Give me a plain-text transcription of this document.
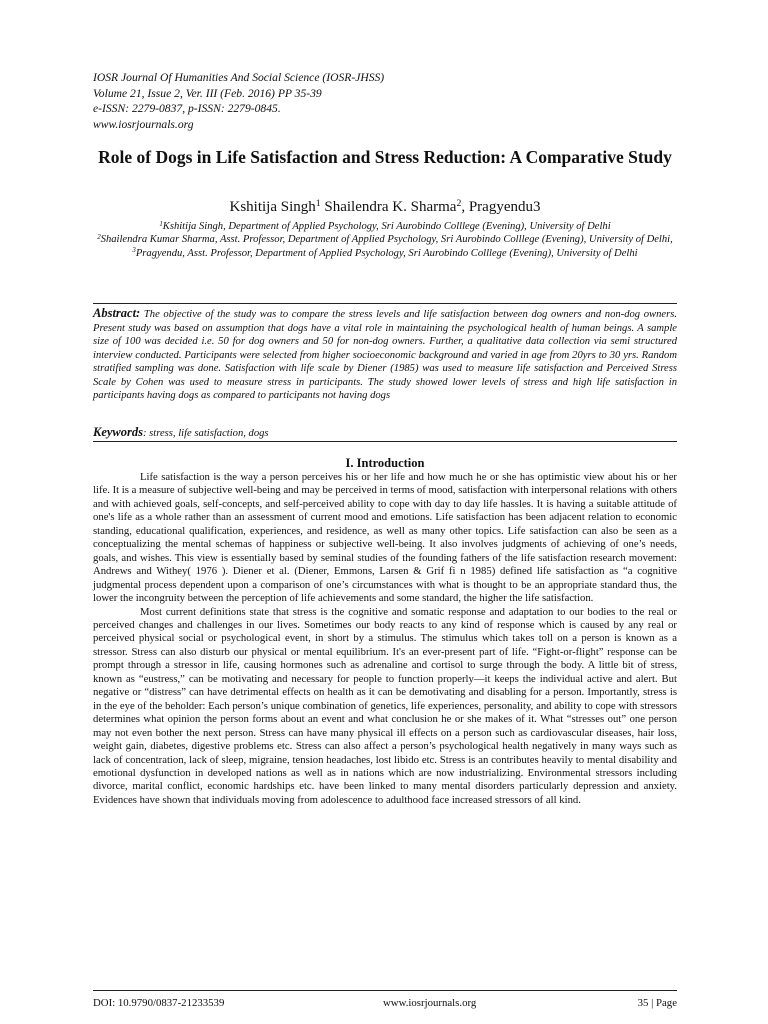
IOSR Journal Of Humanities And Social Science (IOSR-JHSS)
Volume 21, Issue 2, Ver. III (Feb. 2016) PP 35-39
e-ISSN: 2279-0837, p-ISSN: 2279-0845.
www.iosrjournals.org
Role of Dogs in Life Satisfaction and Stress Reduction: A Comparative Study
Kshitija Singh$^1$ Shailendra K. Sharma$^2$, Pragyendu3
$^1$Kshitija Singh, Department of Applied Psychology, Sri Aurobindo Colllege (Evening), University of Delhi
$^2$Shailendra Kumar Sharma, Asst. Professor, Department of Applied Psychology, Sri Aurobindo Colllege (Evening), University of Delhi,
$^3$Pragyendu, Asst. Professor, Department of Applied Psychology, Sri Aurobindo Colllege (Evening), University of Delhi
Abstract: The objective of the study was to compare the stress levels and life satisfaction between dog owners and non-dog owners. Present study was based on assumption that dogs have a vital role in maintaining the psychological health of human beings. A sample size of 100 was decided i.e. 50 for dog owners and 50 for non-dog owners. Further, a qualitative data collection via semi structured interview conducted. Participants were selected from higher socioeconomic background and varied in age from 20yrs to 30 yrs. Random stratified sampling was done. Satisfaction with life scale by Diener (1985) was used to measure life satisfaction and Perceived Stress Scale by Cohen was used to measure stress in participants. The study showed lower levels of stress and high life satisfaction in participants having dogs as compared to participants not having dogs
Keywords: stress, life satisfaction, dogs
I. Introduction

Life satisfaction is the way a person perceives his or her life and how much he or she has optimistic view about his or her life. It is a measure of subjective well-being and may be perceived in terms of mood, satisfaction with interpersonal relations with others and with achieved goals, self-concepts, and self-perceived ability to cope with day to day life hassles. It is having a suitable attitude of one's life as a whole rather than an assessment of current mood and emotions. Life satisfaction has been adjacent relation to economic standing, educational qualification, experiences, and residence, as well as many other topics. Life satisfaction can also be seen as a conceptualizing the mental schemas of happiness or subjective well-being. It also involves judgments of achieving of one’s needs, goals, and wishes. This view is essentially based by seminal studies of the founding fathers of the life satisfaction research movement: Andrews and Withey( 1976 ). Diener et al. (Diener, Emmons, Larsen & Grif fi n 1985) defined life satisfaction as “a cognitive judgmental process dependent upon a comparison of one’s circumstances with what is thought to be an appropriate standard thus, the lower the incongruity between the perception of life achievements and some standard, the higher the life satisfaction.

Most current definitions state that stress is the cognitive and somatic response and adaptation to our bodies to the real or perceived changes and challenges in our lives. Sometimes our body reacts to any kind of response which is caused by any real or perceived physical social or psychological event, in short by a stimulus. The stimulus which takes toll on a person is known as a stressor. Stress can also disturb our physical or mental equilibrium. It's an ever-present part of life. “Fight-or-flight” response can be prompt through a stressor in life, causing hormones such as adrenaline and cortisol to surge through the body. A little bit of stress, known as “eustress,” can be motivating and necessary for people to function properly—it keeps the individual active and alert. But negative or “distress” can have detrimental effects on health as it can be demotivating and disabling for a person. Importantly, stress is in the eye of the beholder: Each person’s unique combination of genetics, life experiences, personality, and ability to cope with stressors determines what opinion the person forms about an event and what conclusion he or she makes of it. What “stresses out” one person may not even bother the next person. Stress can have many physical ill effects on a person such as cardiovascular diseases, hair loss, weight gain, diabetes, digestive problems etc. Stress can also affect a person’s psychological health negatively in many ways such as lack of concentration, lack of sleep, migraine, tension headaches, lost libido etc. Stress is an contributes heavily to mental disability and emotional dysfunction in developed nations as well as in nations which are now industrializing. Environmental stressors including divorce, marital conflict, economic hardships etc. have been linked to many mental disorders particularly depression and anxiety. Evidences have shown that individuals moving from adolescence to adulthood face increased stressors of all kind.

DOI: 10.9790/0837-21233539	www.iosrjournals.org	35 | Page
